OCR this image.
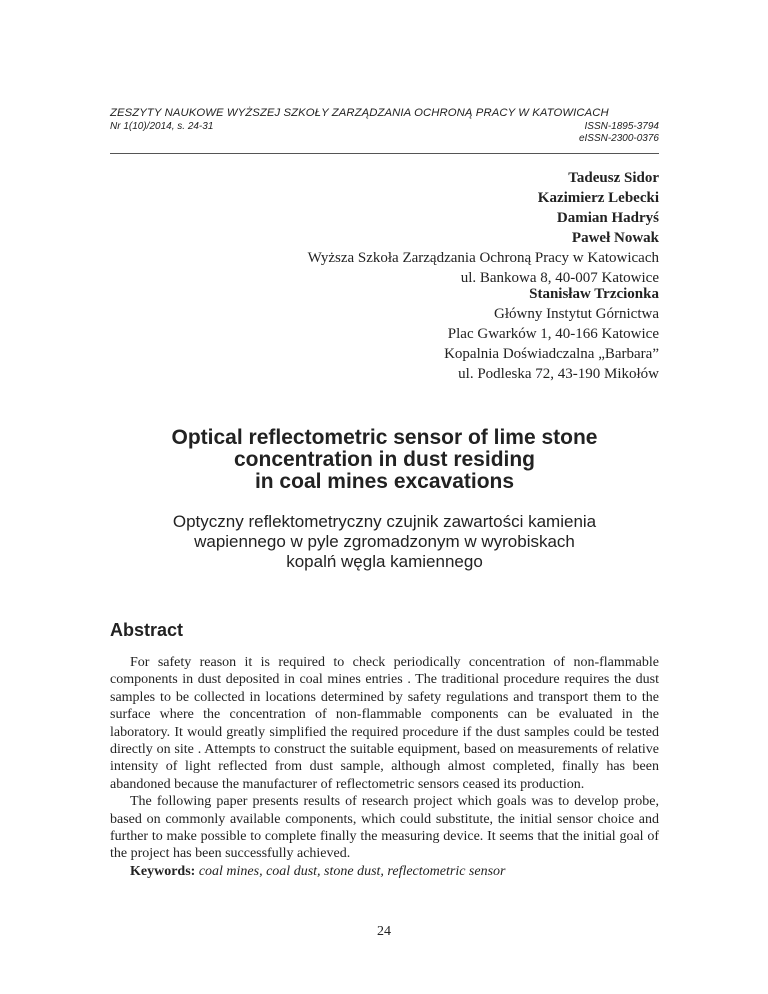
ZESZYTY NAUKOWE WYŻSZEJ SZKOŁY ZARZĄDZANIA OCHRONĄ PRACY W KATOWICACH
Nr 1(10)/2014, s. 24-31	ISSN-1895-3794
eISSN-2300-0376
Tadeusz Sidor
Kazimierz Lebecki
Damian Hadryś
Paweł Nowak
Wyższa Szkoła Zarządzania Ochroną Pracy w Katowicach
ul. Bankowa 8, 40-007 Katowice
Stanisław Trzcionka
Główny Instytut Górnictwa
Plac Gwarków 1, 40-166 Katowice
Kopalnia Doświadczalna „Barbara”
ul. Podleska 72, 43-190 Mikołów
Optical reflectometric sensor of lime stone
concentration in dust residing
in coal mines excavations
Optyczny reflektometryczny czujnik zawartości kamienia
wapiennego w pyle zgromadzonym w wyrobiskach
kopalń węgla kamiennego
Abstract

For safety reason it is required to check periodically concentration of non-flammable components in dust deposited in coal mines entries . The traditional procedure requires the dust samples to be collected in locations determined by safety regulations and transport them to the surface where the concentration of non-flammable components can be evaluated in the laboratory. It would greatly simplified the required procedure if the dust samples could be tested directly on site . Attempts to construct the suitable equipment, based on measurements of relative intensity of light reflected from dust sample, although almost completed, finally has been abandoned because the manufacturer of reflectometric sensors ceased its production.

The following paper presents results of research project which goals was to develop probe, based on commonly available components, which could substitute, the initial sensor choice and further to make possible to complete finally the measuring device. It seems that the initial goal of the project has been successfully achieved.

Keywords: coal mines, coal dust, stone dust, reflectometric sensor

24
